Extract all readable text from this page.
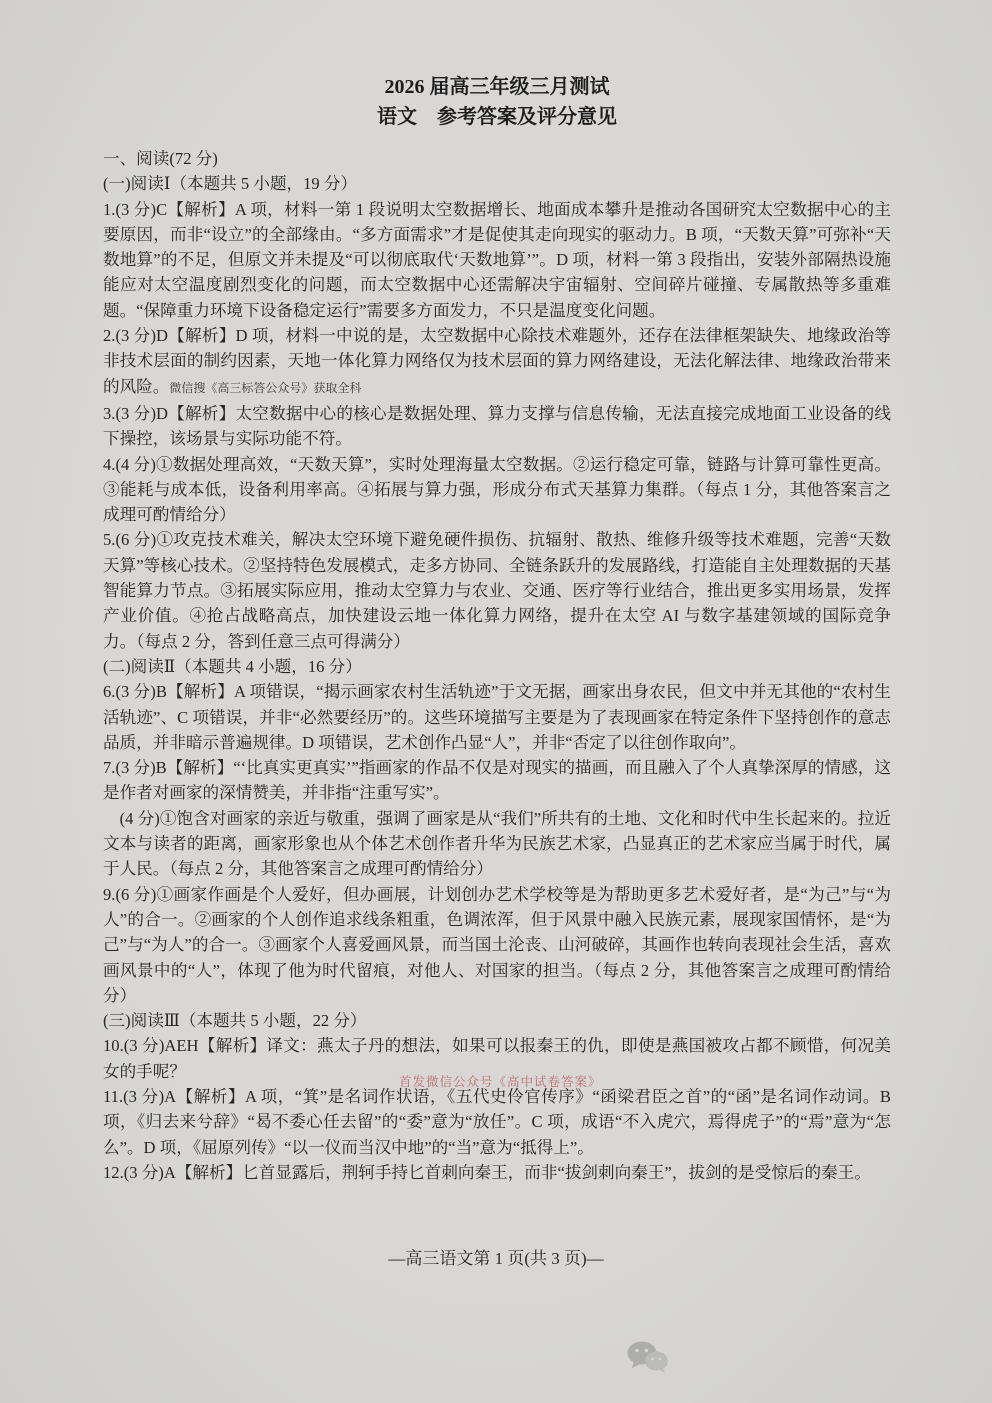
2026 届高三年级三月测试

语文　参考答案及评分意见

一、阅读(72 分)

(一)阅读Ⅰ（本题共 5 小题，19 分）

1.(3 分)C【解析】A 项，材料一第 1 段说明太空数据增长、地面成本攀升是推动各国研究太空数据中心的主要原因，而非“设立”的全部缘由。“多方面需求”才是促使其走向现实的驱动力。B 项，“天数天算”可弥补“天数地算”的不足，但原文并未提及“可以彻底取代‘天数地算’”。D 项，材料一第 3 段指出，安装外部隔热设施能应对太空温度剧烈变化的问题，而太空数据中心还需解决宇宙辐射、空间碎片碰撞、专属散热等多重难题。“保障重力环境下设备稳定运行”需要多方面发力，不只是温度变化问题。

2.(3 分)D【解析】D 项，材料一中说的是，太空数据中心除技术难题外，还存在法律框架缺失、地缘政治等非技术层面的制约因素，天地一体化算力网络仅为技术层面的算力网络建设，无法化解法律、地缘政治带来的风险。微信搜《高三标答公众号》获取全科

3.(3 分)D【解析】太空数据中心的核心是数据处理、算力支撑与信息传输，无法直接完成地面工业设备的线下操控，该场景与实际功能不符。

4.(4 分)①数据处理高效，“天数天算”，实时处理海量太空数据。②运行稳定可靠，链路与计算可靠性更高。③能耗与成本低，设备利用率高。④拓展与算力强，形成分布式天基算力集群。（每点 1 分，其他答案言之成理可酌情给分）

5.(6 分)①攻克技术难关，解决太空环境下避免硬件损伤、抗辐射、散热、维修升级等技术难题，完善“天数天算”等核心技术。②坚持特色发展模式，走多方协同、全链条跃升的发展路线，打造能自主处理数据的天基智能算力节点。③拓展实际应用，推动太空算力与农业、交通、医疗等行业结合，推出更多实用场景，发挥产业价值。④抢占战略高点，加快建设云地一体化算力网络，提升在太空 AI 与数字基建领域的国际竞争力。（每点 2 分，答到任意三点可得满分）

(二)阅读Ⅱ（本题共 4 小题，16 分）

6.(3 分)B【解析】A 项错误，“揭示画家农村生活轨迹”于文无据，画家出身农民，但文中并无其他的“农村生活轨迹”、C 项错误，并非“必然要经历”的。这些环境描写主要是为了表现画家在特定条件下坚持创作的意志品质，并非暗示普遍规律。D 项错误，艺术创作凸显“人”，并非“否定了以往创作取向”。

7.(3 分)B【解析】“‘比真实更真实’”指画家的作品不仅是对现实的描画，而且融入了个人真挚深厚的情感，这是作者对画家的深情赞美，并非指“注重写实”。

(4 分)①饱含对画家的亲近与敬重，强调了画家是从“我们”所共有的土地、文化和时代中生长起来的。拉近文本与读者的距离，画家形象也从个体艺术创作者升华为民族艺术家，凸显真正的艺术家应当属于时代，属于人民。（每点 2 分，其他答案言之成理可酌情给分）

9.(6 分)①画家作画是个人爱好，但办画展，计划创办艺术学校等是为帮助更多艺术爱好者，是“为己”与“为人”的合一。②画家的个人创作追求线条粗重，色调浓浑，但于风景中融入民族元素，展现家国情怀，是“为己”与“为人”的合一。③画家个人喜爱画风景，而当国土沦丧、山河破碎，其画作也转向表现社会生活，喜欢画风景中的“人”，体现了他为时代留痕，对他人、对国家的担当。（每点 2 分，其他答案言之成理可酌情给分）

(三)阅读Ⅲ（本题共 5 小题，22 分）

10.(3 分)AEH【解析】译文：燕太子丹的想法，如果可以报秦王的仇，即使是燕国被攻占都不顾惜，何况美女的手呢？

11.(3 分)A【解析】A 项，“箕”是名词作状语，《五代史伶官传序》“函梁君臣之首”的“函”是名词作动词。B 项，《归去来兮辞》“曷不委心任去留”的“委”意为“放任”。C 项，成语“不入虎穴，焉得虎子”的“焉”意为“怎么”。D 项，《屈原列传》“以一仪而当汉中地”的“当”意为“抵得上”。

12.(3 分)A【解析】匕首显露后，荆轲手持匕首刺向秦王，而非“拔剑刺向秦王”，拔剑的是受惊后的秦王。

首发微信公众号《高中试卷答案》
—高三语文第 1 页(共 3 页)—
